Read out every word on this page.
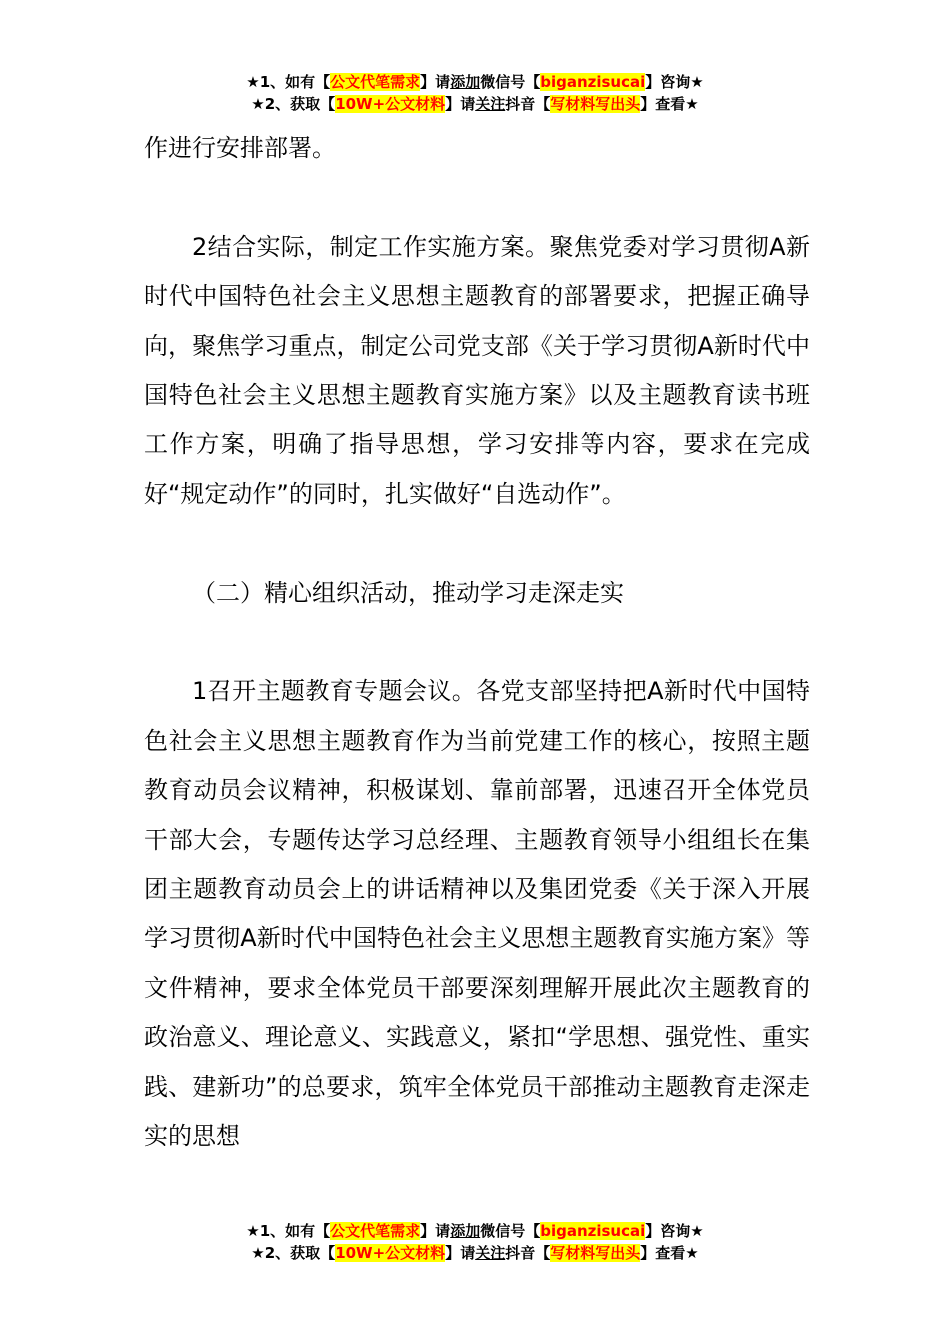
★1、如有【公文代笔需求】请添加微信号【biganzisucai】咨询★
★2、获取【10W+公文材料】请关注抖音【写材料写出头】查看★

作进行安排部署。

2结合实际，制定工作实施方案。聚焦党委对学习贯彻A新时代中国特色社会主义思想主题教育的部署要求，把握正确导向，聚焦学习重点，制定公司党支部《关于学习贯彻A新时代中国特色社会主义思想主题教育实施方案》以及主题教育读书班工作方案，明确了指导思想，学习安排等内容，要求在完成好“规定动作”的同时，扎实做好“自选动作”。

（二）精心组织活动，推动学习走深走实

1召开主题教育专题会议。各党支部坚持把A新时代中国特色社会主义思想主题教育作为当前党建工作的核心，按照主题教育动员会议精神，积极谋划、靠前部署，迅速召开全体党员干部大会，专题传达学习总经理、主题教育领导小组组长在集团主题教育动员会上的讲话精神以及集团党委《关于深入开展学习贯彻A新时代中国特色社会主义思想主题教育实施方案》等文件精神，要求全体党员干部要深刻理解开展此次主题教育的政治意义、理论意义、实践意义，紧扣“学思想、强党性、重实践、建新功”的总要求，筑牢全体党员干部推动主题教育走深走实的思想

★1、如有【公文代笔需求】请添加微信号【biganzisucai】咨询★
★2、获取【10W+公文材料】请关注抖音【写材料写出头】查看★
